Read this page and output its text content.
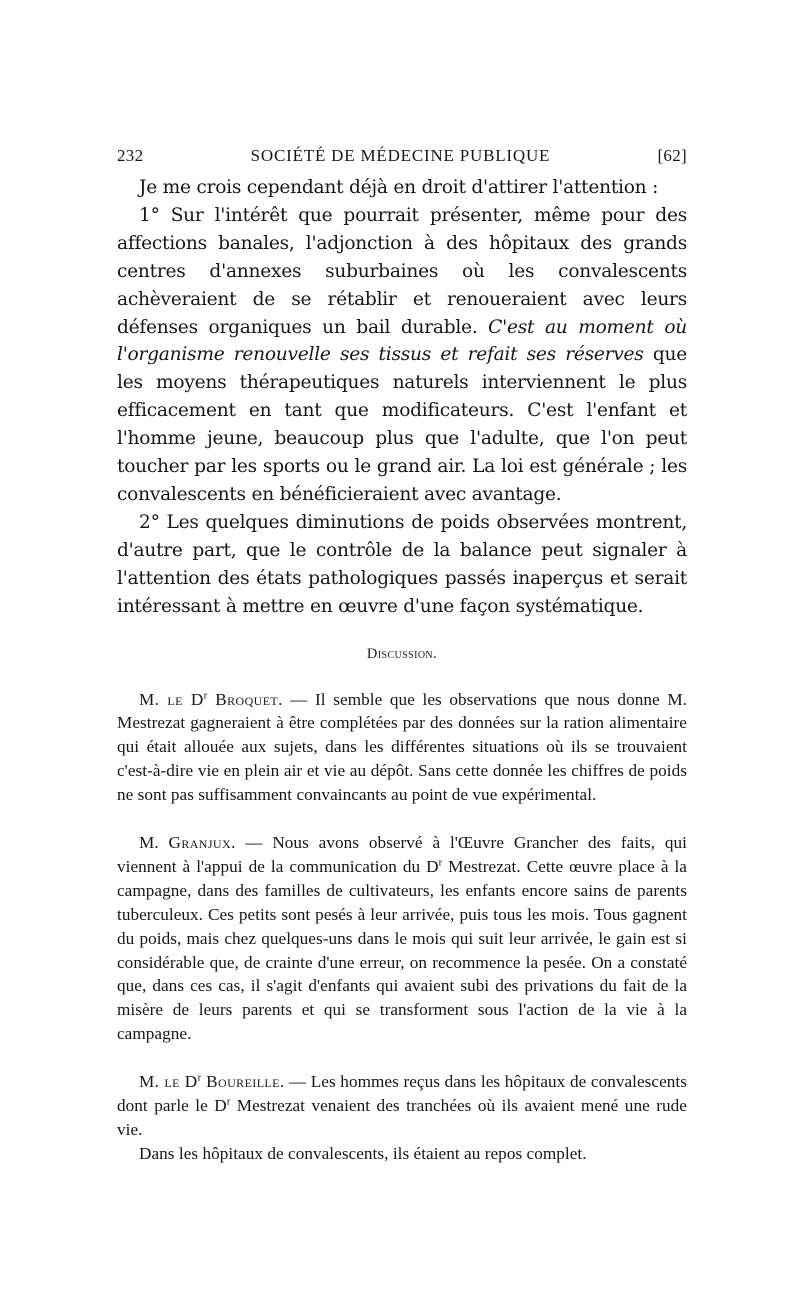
232	SOCIÉTÉ DE MÉDECINE PUBLIQUE	[62]

Je me crois cependant déjà en droit d'attirer l'attention :

1° Sur l'intérêt que pourrait présenter, même pour des affections banales, l'adjonction à des hôpitaux des grands centres d'annexes suburbaines où les convalescents achèveraient de se rétablir et renoueraient avec leurs défenses organiques un bail durable. C'est au moment où l'organisme renouvelle ses tissus et refait ses réserves que les moyens thérapeutiques naturels interviennent le plus efficacement en tant que modificateurs. C'est l'enfant et l'homme jeune, beaucoup plus que l'adulte, que l'on peut toucher par les sports ou le grand air. La loi est générale ; les convalescents en bénéficieraient avec avantage.

2° Les quelques diminutions de poids observées montrent, d'autre part, que le contrôle de la balance peut signaler à l'attention des états pathologiques passés inaperçus et serait intéressant à mettre en œuvre d'une façon systématique.

Discussion.

M. le $D^r$ Broquet. — Il semble que les observations que nous donne M. Mestrezat gagneraient à être complétées par des données sur la ration alimentaire qui était allouée aux sujets, dans les différentes situations où ils se trouvaient c'est-à-dire vie en plein air et vie au dépôt. Sans cette donnée les chiffres de poids ne sont pas suffisamment convaincants au point de vue expérimental.

M. Granjux. — Nous avons observé à l'Œuvre Grancher des faits, qui viennent à l'appui de la communication du $D^r$ Mestrezat. Cette œuvre place à la campagne, dans des familles de cultivateurs, les enfants encore sains de parents tuberculeux. Ces petits sont pesés à leur arrivée, puis tous les mois. Tous gagnent du poids, mais chez quelques-uns dans le mois qui suit leur arrivée, le gain est si considérable que, de crainte d'une erreur, on recommence la pesée. On a constaté que, dans ces cas, il s'agit d'enfants qui avaient subi des privations du fait de la misère de leurs parents et qui se transforment sous l'action de la vie à la campagne.

M. le $D^r$ Boureille. — Les hommes reçus dans les hôpitaux de convalescents dont parle le $D^r$ Mestrezat venaient des tranchées où ils avaient mené une rude vie.

Dans les hôpitaux de convalescents, ils étaient au repos complet.
